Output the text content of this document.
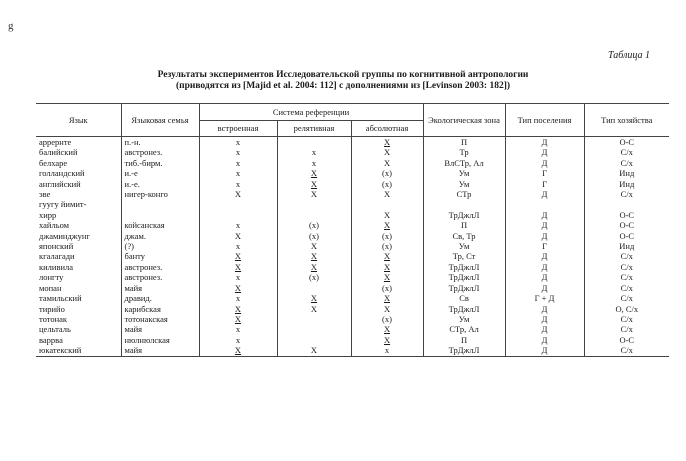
g
Таблица 1
Результаты экспериментов Исследовательской группы по когнитивной антропологии
(приводятся из [Majid et al. 2004: 112] с дополнениями из [Levinson 2003: 182])
Язык	Языковая семья	Система референции			Экологическая зона	Тип поселения	Тип хозяйства
		встроенная	релятивная	абсолютная			
арреpнте	п.-н.	x		X	П	Д	О-С
балийский	австронез.	x	x	X	Тр	Д	С/х
белхаре	тиб.-бирм.	x	x	X	ВлСТр, Ал	Д	С/х
голландский	и.-е	x	X	(x)	Ум	Г	Инд
английский	и.-е.	x	X	(x)	Ум	Г	Инд
эве	нигер-конго	X	X	X	СТр	Д	С/х
гуугу йимит-							
хирр				X	ТрДжлЛ	Д	О-С
хайльом	койсанская	x	(x)	X	П	Д	О-С
джаминджунг	джам.	X	(x)	(x)	Св, Тр	Д	О-С
японский	(?)	x	X	(x)	Ум	Г	Инд
кгалагади	банту	X	X	X	Тр, Ст	Д	С/х
киливила	австронез.	X	X	X	ТрДжлЛ	Д	С/х
лонгту	австронез.	x	(x)	X	ТрДжлЛ	Д	С/х
мопан	майя	X		(x)	ТрДжлЛ	Д	С/х
тамильский	дравид.	x	X	X	Св	Г + Д	С/х
тирийо	карибская	X	X	X	ТрДжлЛ	Д	О, С/х
тотонак	тотонакская	X		(x)	Ум	Д	С/х
цельталь	майя	x		X	СТр, Ал	Д	С/х
варрва	нюлнюлская	x		X	П	Д	О-С
юкатекский	майя	X	X	x	ТрДжлЛ	Д	С/х
